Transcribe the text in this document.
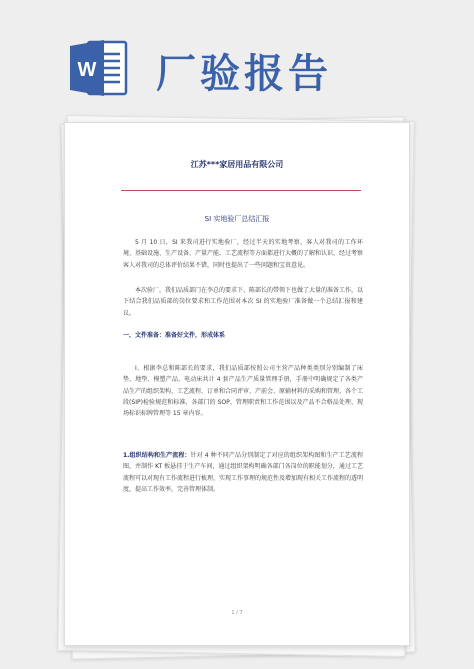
W 厂验报告
江苏***家居用品有限公司
SI 实地验厂总结汇报

5 月 10 日，SI 来我司进行实地验厂，经过半天的实地考察，客人对我司的工作环境、基础设施、生产设备、产量产能、工艺流程等方面都进行大概的了解和认识，经过考察客人对我司的总体评价结果不错，同时也提出了一些问题和宝贵意见。

本次验厂，我们品质部门在李总的要求下、陈部长的带领下也做了大量的准备工作，以下结合我们品质部的岗位要求和工作范围对本次 SI 的实地验厂准备做一个总结汇报和建议。

一、文件准备：准备好文件，形成体系

Ⅰ、根据李总和陈部长的要求，我们品质部按照公司主营产品种类类别分别编制了床垫、地垫、模塑产品、电动床共计 4 套产品生产质量管理手册，手册中明确规定了各类产品生产的组织架构、工艺流程、订单和合同评审、产前会、原辅材料的采购和管理、各个工段(SIP)检验规范和标准、各部门的 SOP、管理职责和工作范围以及产品不合格品处理、现场标识标牌管理等 15 章内容。

1.组织结构和生产流程：针对 4 种不同产品分别制定了对应的组织架构图和生产工艺流程图，并制作 KT 板悬挂于生产车间，通过组织架构明确各部门各岗位的职能划分，通过工艺流程可以对现有工作流程进行梳理，实现工作事理的规范性及增加现有相关工作流程的透明度，提高工作效率，完善管理体制。

1 / 7
